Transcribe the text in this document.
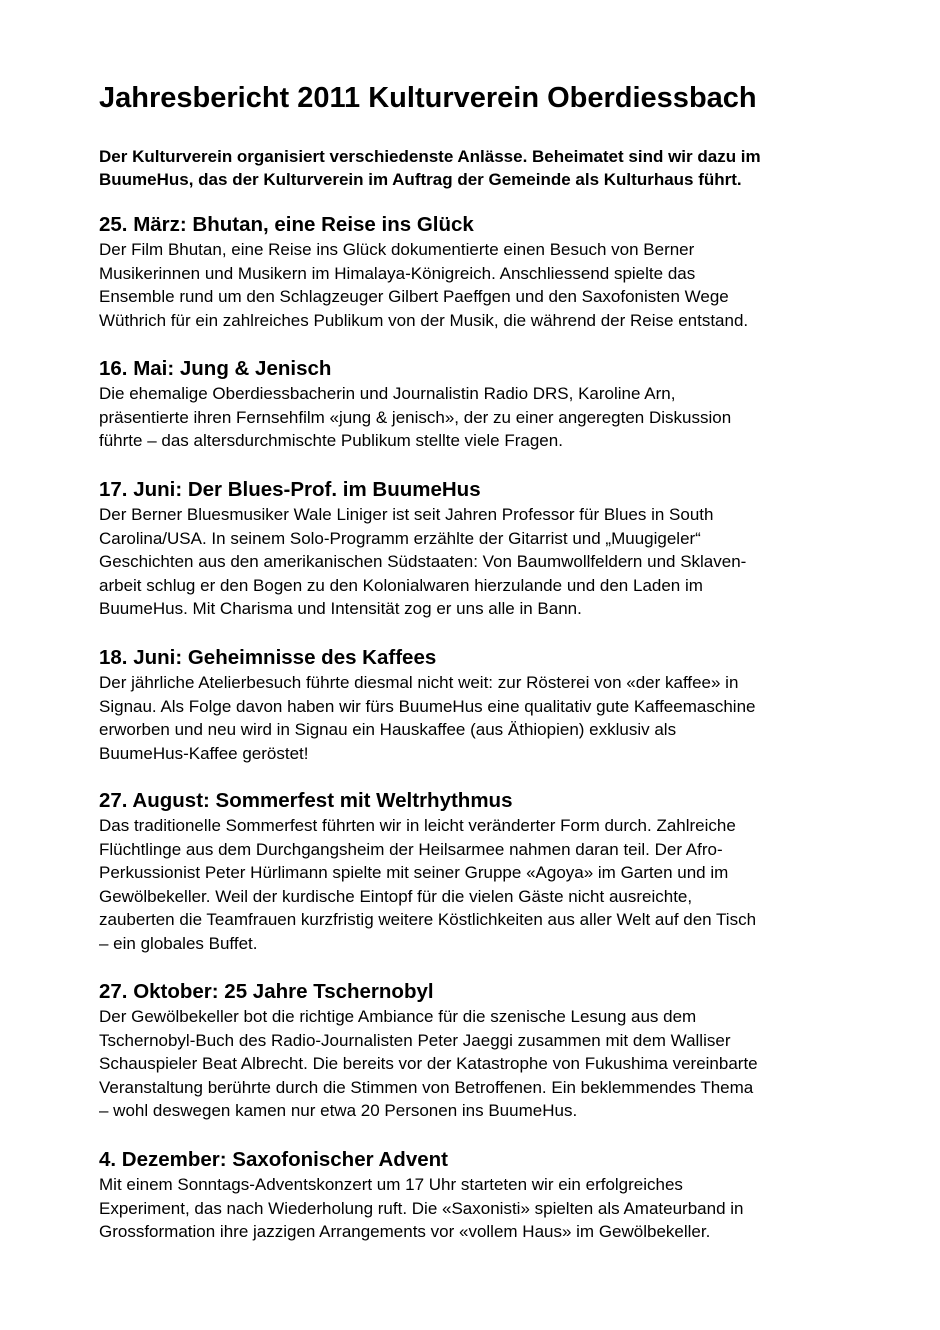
Jahresbericht 2011 Kulturverein Oberdiessbach
Der Kulturverein organisiert verschiedenste Anlässe. Beheimatet sind wir dazu im
BuumeHus, das der Kulturverein im Auftrag der Gemeinde als Kulturhaus führt.
25. März: Bhutan, eine Reise ins Glück
Der Film Bhutan, eine Reise ins Glück dokumentierte einen Besuch von Berner
Musikerinnen und Musikern im Himalaya-Königreich. Anschliessend spielte das
Ensemble rund um den Schlagzeuger Gilbert Paeffgen und den Saxofonisten Wege
Wüthrich für ein zahlreiches Publikum von der Musik, die während der Reise entstand.
16. Mai: Jung & Jenisch
Die ehemalige Oberdiessbacherin und Journalistin Radio DRS, Karoline Arn,
präsentierte ihren Fernsehfilm «jung & jenisch», der zu einer angeregten Diskussion
führte – das altersdurchmischte Publikum stellte viele Fragen.
17. Juni: Der Blues-Prof. im BuumeHus
Der Berner Bluesmusiker Wale Liniger ist seit Jahren Professor für Blues in South
Carolina/USA. In seinem Solo-Programm erzählte der Gitarrist und „Muugigeler“
Geschichten aus den amerikanischen Südstaaten: Von Baumwollfeldern und Sklaven-
arbeit schlug er den Bogen zu den Kolonialwaren hierzulande und den Laden im
BuumeHus. Mit Charisma und Intensität zog er uns alle in Bann.
18. Juni: Geheimnisse des Kaffees
Der jährliche Atelierbesuch führte diesmal nicht weit: zur Rösterei von «der kaffee» in
Signau. Als Folge davon haben wir fürs BuumeHus eine qualitativ gute Kaffeemaschine
erworben und neu wird in Signau ein Hauskaffee (aus Äthiopien) exklusiv als
BuumeHus-Kaffee geröstet!
27. August: Sommerfest mit Weltrhythmus
Das traditionelle Sommerfest führten wir in leicht veränderter Form durch. Zahlreiche
Flüchtlinge aus dem Durchgangsheim der Heilsarmee nahmen daran teil. Der Afro-
Perkussionist Peter Hürlimann spielte mit seiner Gruppe «Agoya» im Garten und im
Gewölbekeller. Weil der kurdische Eintopf für die vielen Gäste nicht ausreichte,
zauberten die Teamfrauen kurzfristig weitere Köstlichkeiten aus aller Welt auf den Tisch
– ein globales Buffet.
27. Oktober: 25 Jahre Tschernobyl
Der Gewölbekeller bot die richtige Ambiance für die szenische Lesung aus dem
Tschernobyl-Buch des Radio-Journalisten Peter Jaeggi zusammen mit dem Walliser
Schauspieler Beat Albrecht. Die bereits vor der Katastrophe von Fukushima vereinbarte
Veranstaltung berührte durch die Stimmen von Betroffenen. Ein beklemmendes Thema
– wohl deswegen kamen nur etwa 20 Personen ins BuumeHus.
4. Dezember: Saxofonischer Advent
Mit einem Sonntags-Adventskonzert um 17 Uhr starteten wir ein erfolgreiches
Experiment, das nach Wiederholung ruft. Die «Saxonisti» spielten als Amateurband in
Grossformation ihre jazzigen Arrangements vor «vollem Haus» im Gewölbekeller.
